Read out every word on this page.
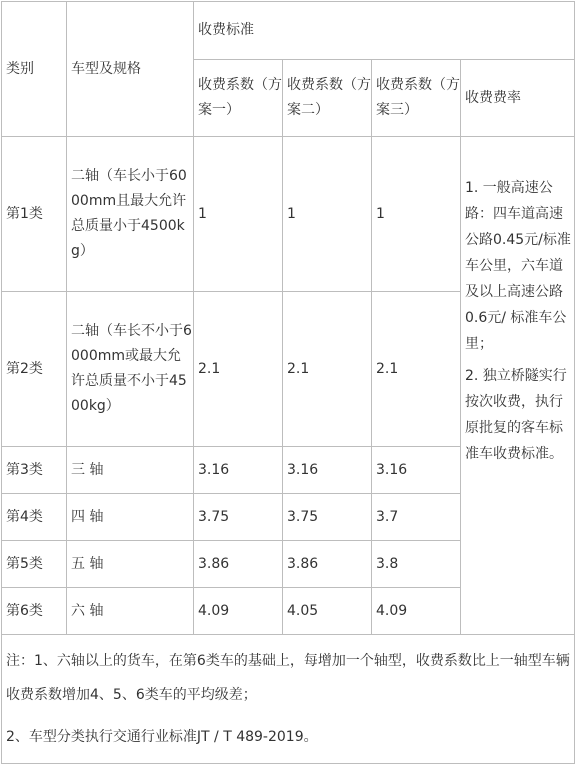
类别	车型及规格	收费标准			
		收费系数（方案一）	收费系数（方案二）	收费系数（方案三）	收费费率
第1类	二轴（车长小于6000mm且最大允许总质量小于4500kg）	1	1	1	1. 一般高速公路：四车道高速公路0.45元/标准车公里，六车道及以上高速公路0.6元/ 标准车公里；
2. 独立桥隧实行按次收费，执行原批复的客车标准车收费标准。

第2类	二轴（车长不小于6000mm或最大允许总质量不小于4500kg）	2.1	2.1	2.1	
第3类	三 轴	3.16	3.16	3.16	
第4类	四 轴	3.75	3.75	3.7	
第5类	五 轴	3.86	3.86	3.8	
第6类	六 轴	4.09	4.05	4.09	

注：1、六轴以上的货车，在第6类车的基础上，每增加一个轴型，收费系数比上一轴型车辆收费系数增加4、5、6类车的平均级差；

2、车型分类执行交通行业标准JT / T 489-2019。					
